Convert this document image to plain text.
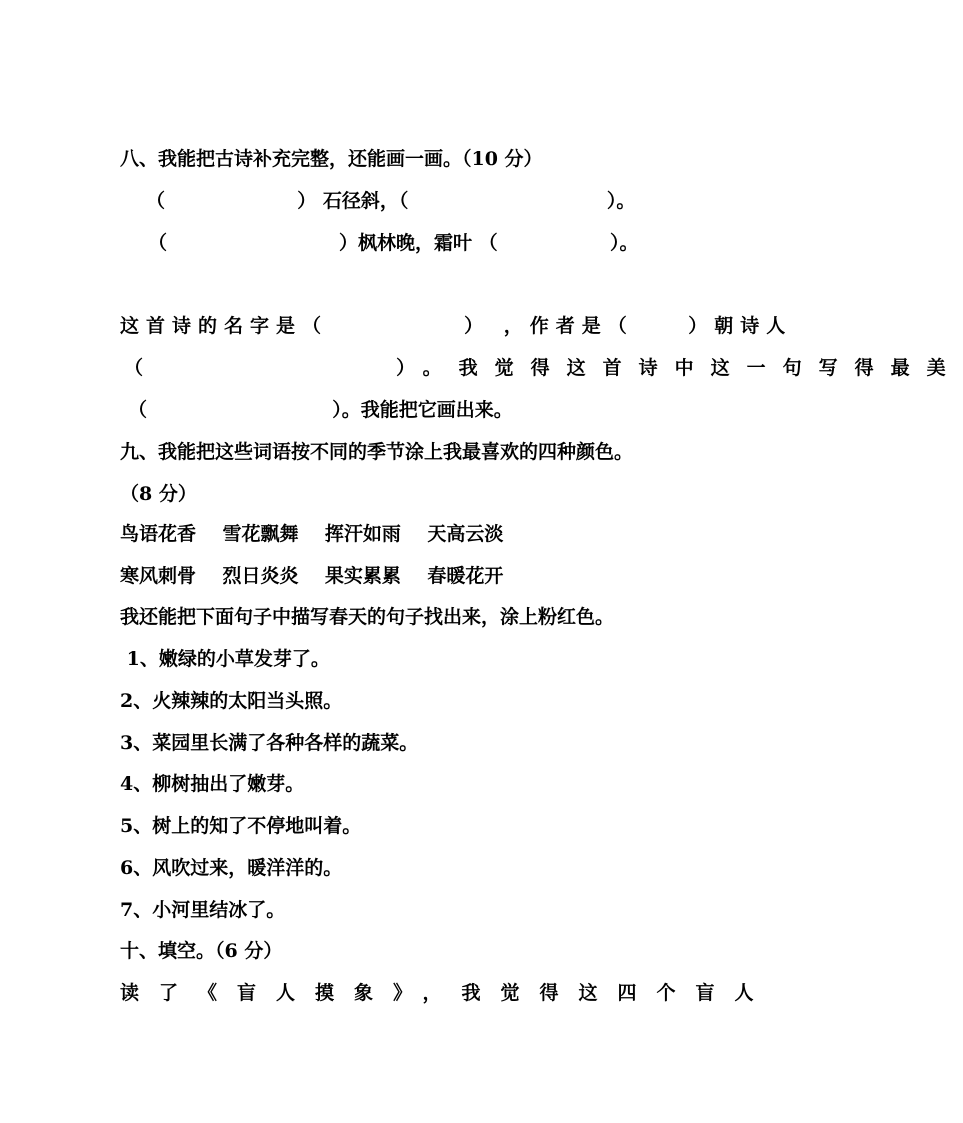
八、我能把古诗补充完整，还能画一画。（10 分）
（                    ） 石径斜，（                              ）。
（                          ）枫林晚，霜叶 （                 ）。
这首诗的名字是（          ） ，作者是（    ）朝诗人
（          ）。我觉得这首诗中这一句写得最美
（                            ）。我能把它画出来。
九、我能把这些词语按不同的季节涂上我最喜欢的四种颜色。
（8 分）
鸟语花香    雪花飘舞    挥汗如雨    天高云淡
寒风刺骨    烈日炎炎    果实累累    春暖花开
我还能把下面句子中描写春天的句子找出来，涂上粉红色。
1、嫩绿的小草发芽了。
2、火辣辣的太阳当头照。
3、菜园里长满了各种各样的蔬菜。
4、柳树抽出了嫩芽。
5、树上的知了不停地叫着。
6、风吹过来，暖洋洋的。
7、小河里结冰了。
十、填空。（6 分）
读了《盲人摸象》，我觉得这四个盲人
